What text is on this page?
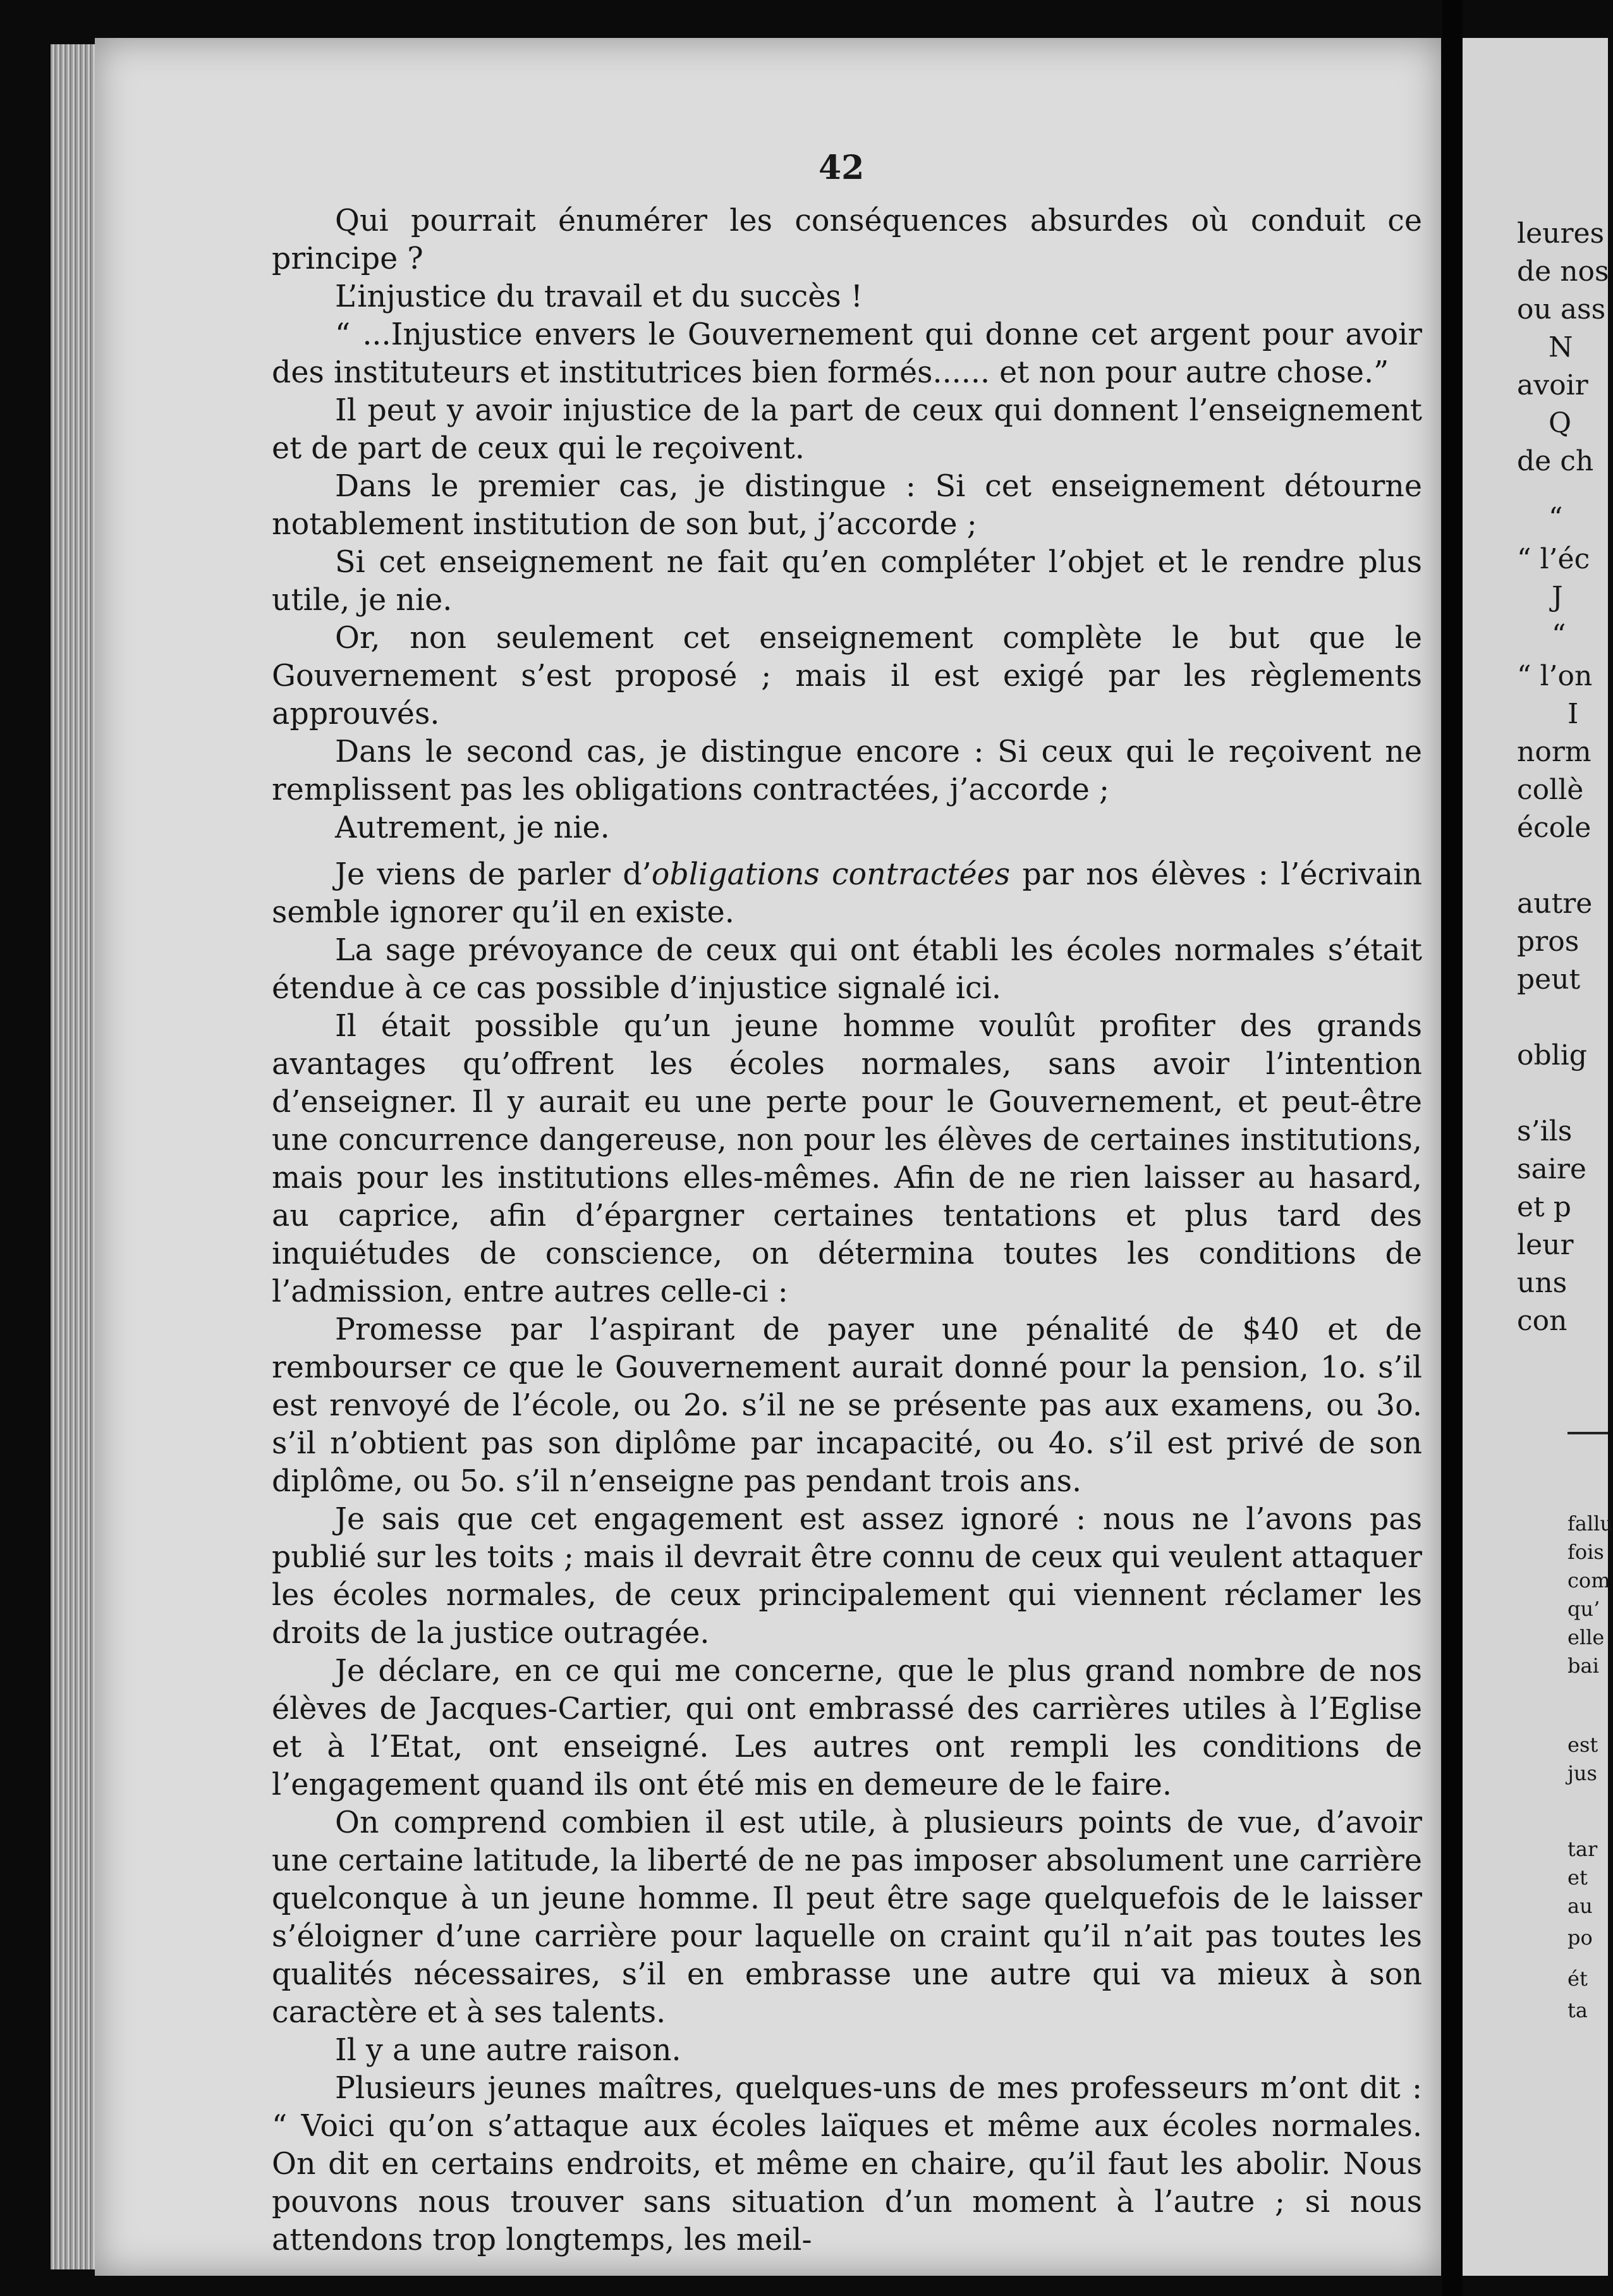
42

Qui pourrait énumérer les conséquences absurdes où conduit ce principe ?

L’injustice du travail et du succès !

“ ...Injustice envers le Gouvernement qui donne cet argent pour avoir des instituteurs et institutrices bien formés...... et non pour autre chose.”

Il peut y avoir injustice de la part de ceux qui donnent l’enseignement et de part de ceux qui le reçoivent.

Dans le premier cas, je distingue : Si cet enseignement détourne notablement institution de son but, j’accorde ;

Si cet enseignement ne fait qu’en compléter l’objet et le rendre plus utile, je nie.

Or, non seulement cet enseignement complète le but que le Gouvernement s’est proposé ; mais il est exigé par les règlements approuvés.

Dans le second cas, je distingue encore : Si ceux qui le reçoivent ne remplissent pas les obligations contractées, j’accorde ;

Autrement, je nie.

Je viens de parler d’obligations contractées par nos élèves : l’écrivain semble ignorer qu’il en existe.

La sage prévoyance de ceux qui ont établi les écoles normales s’était étendue à ce cas possible d’injustice signalé ici.

Il était possible qu’un jeune homme voulût profiter des grands avantages qu’offrent les écoles normales, sans avoir l’intention d’enseigner. Il y aurait eu une perte pour le Gouvernement, et peut-être une concurrence dangereuse, non pour les élèves de certaines institutions, mais pour les institutions elles-mêmes. Afin de ne rien laisser au hasard, au caprice, afin d’épargner certaines tentations et plus tard des inquiétudes de conscience, on détermina toutes les conditions de l’admission, entre autres celle-ci :

Promesse par l’aspirant de payer une pénalité de $40 et de rembourser ce que le Gouvernement aurait donné pour la pension, 1o. s’il est renvoyé de l’école, ou 2o. s’il ne se présente pas aux examens, ou 3o. s’il n’obtient pas son diplôme par incapacité, ou 4o. s’il est privé de son diplôme, ou 5o. s’il n’enseigne pas pendant trois ans.

Je sais que cet engagement est assez ignoré : nous ne l’avons pas publié sur les toits ; mais il devrait être connu de ceux qui veulent attaquer les écoles normales, de ceux principalement qui viennent réclamer les droits de la justice outragée.

Je déclare, en ce qui me concerne, que le plus grand nombre de nos élèves de Jacques-Cartier, qui ont embrassé des carrières utiles à l’Eglise et à l’Etat, ont enseigné. Les autres ont rempli les conditions de l’engagement quand ils ont été mis en demeure de le faire.

On comprend combien il est utile, à plusieurs points de vue, d’avoir une certaine latitude, la liberté de ne pas imposer absolument une carrière quelconque à un jeune homme. Il peut être sage quelquefois de le laisser s’éloigner d’une carrière pour laquelle on craint qu’il n’ait pas toutes les qualités nécessaires, s’il en embrasse une autre qui va mieux à son caractère et à ses talents.

Il y a une autre raison.

Plusieurs jeunes maîtres, quelques-uns de mes professeurs m’ont dit : “ Voici qu’on s’attaque aux écoles laïques et même aux écoles normales. On dit en certains endroits, et même en chaire, qu’il faut les abolir. Nous pouvons nous trouver sans situation d’un moment à l’autre ; si nous attendons trop longtemps, les meil-

leures
de nos
ou ass
N
avoir
Q
de ch
“
“ l’éc
J
“
“ l’on
I
norm
collè
école
autre
pros
peut
oblig
s’ils
saire
et p
leur
uns
con
fallu
fois
com
qu’
elle
bai
est
jus
tar
et
au
po
ét
ta
